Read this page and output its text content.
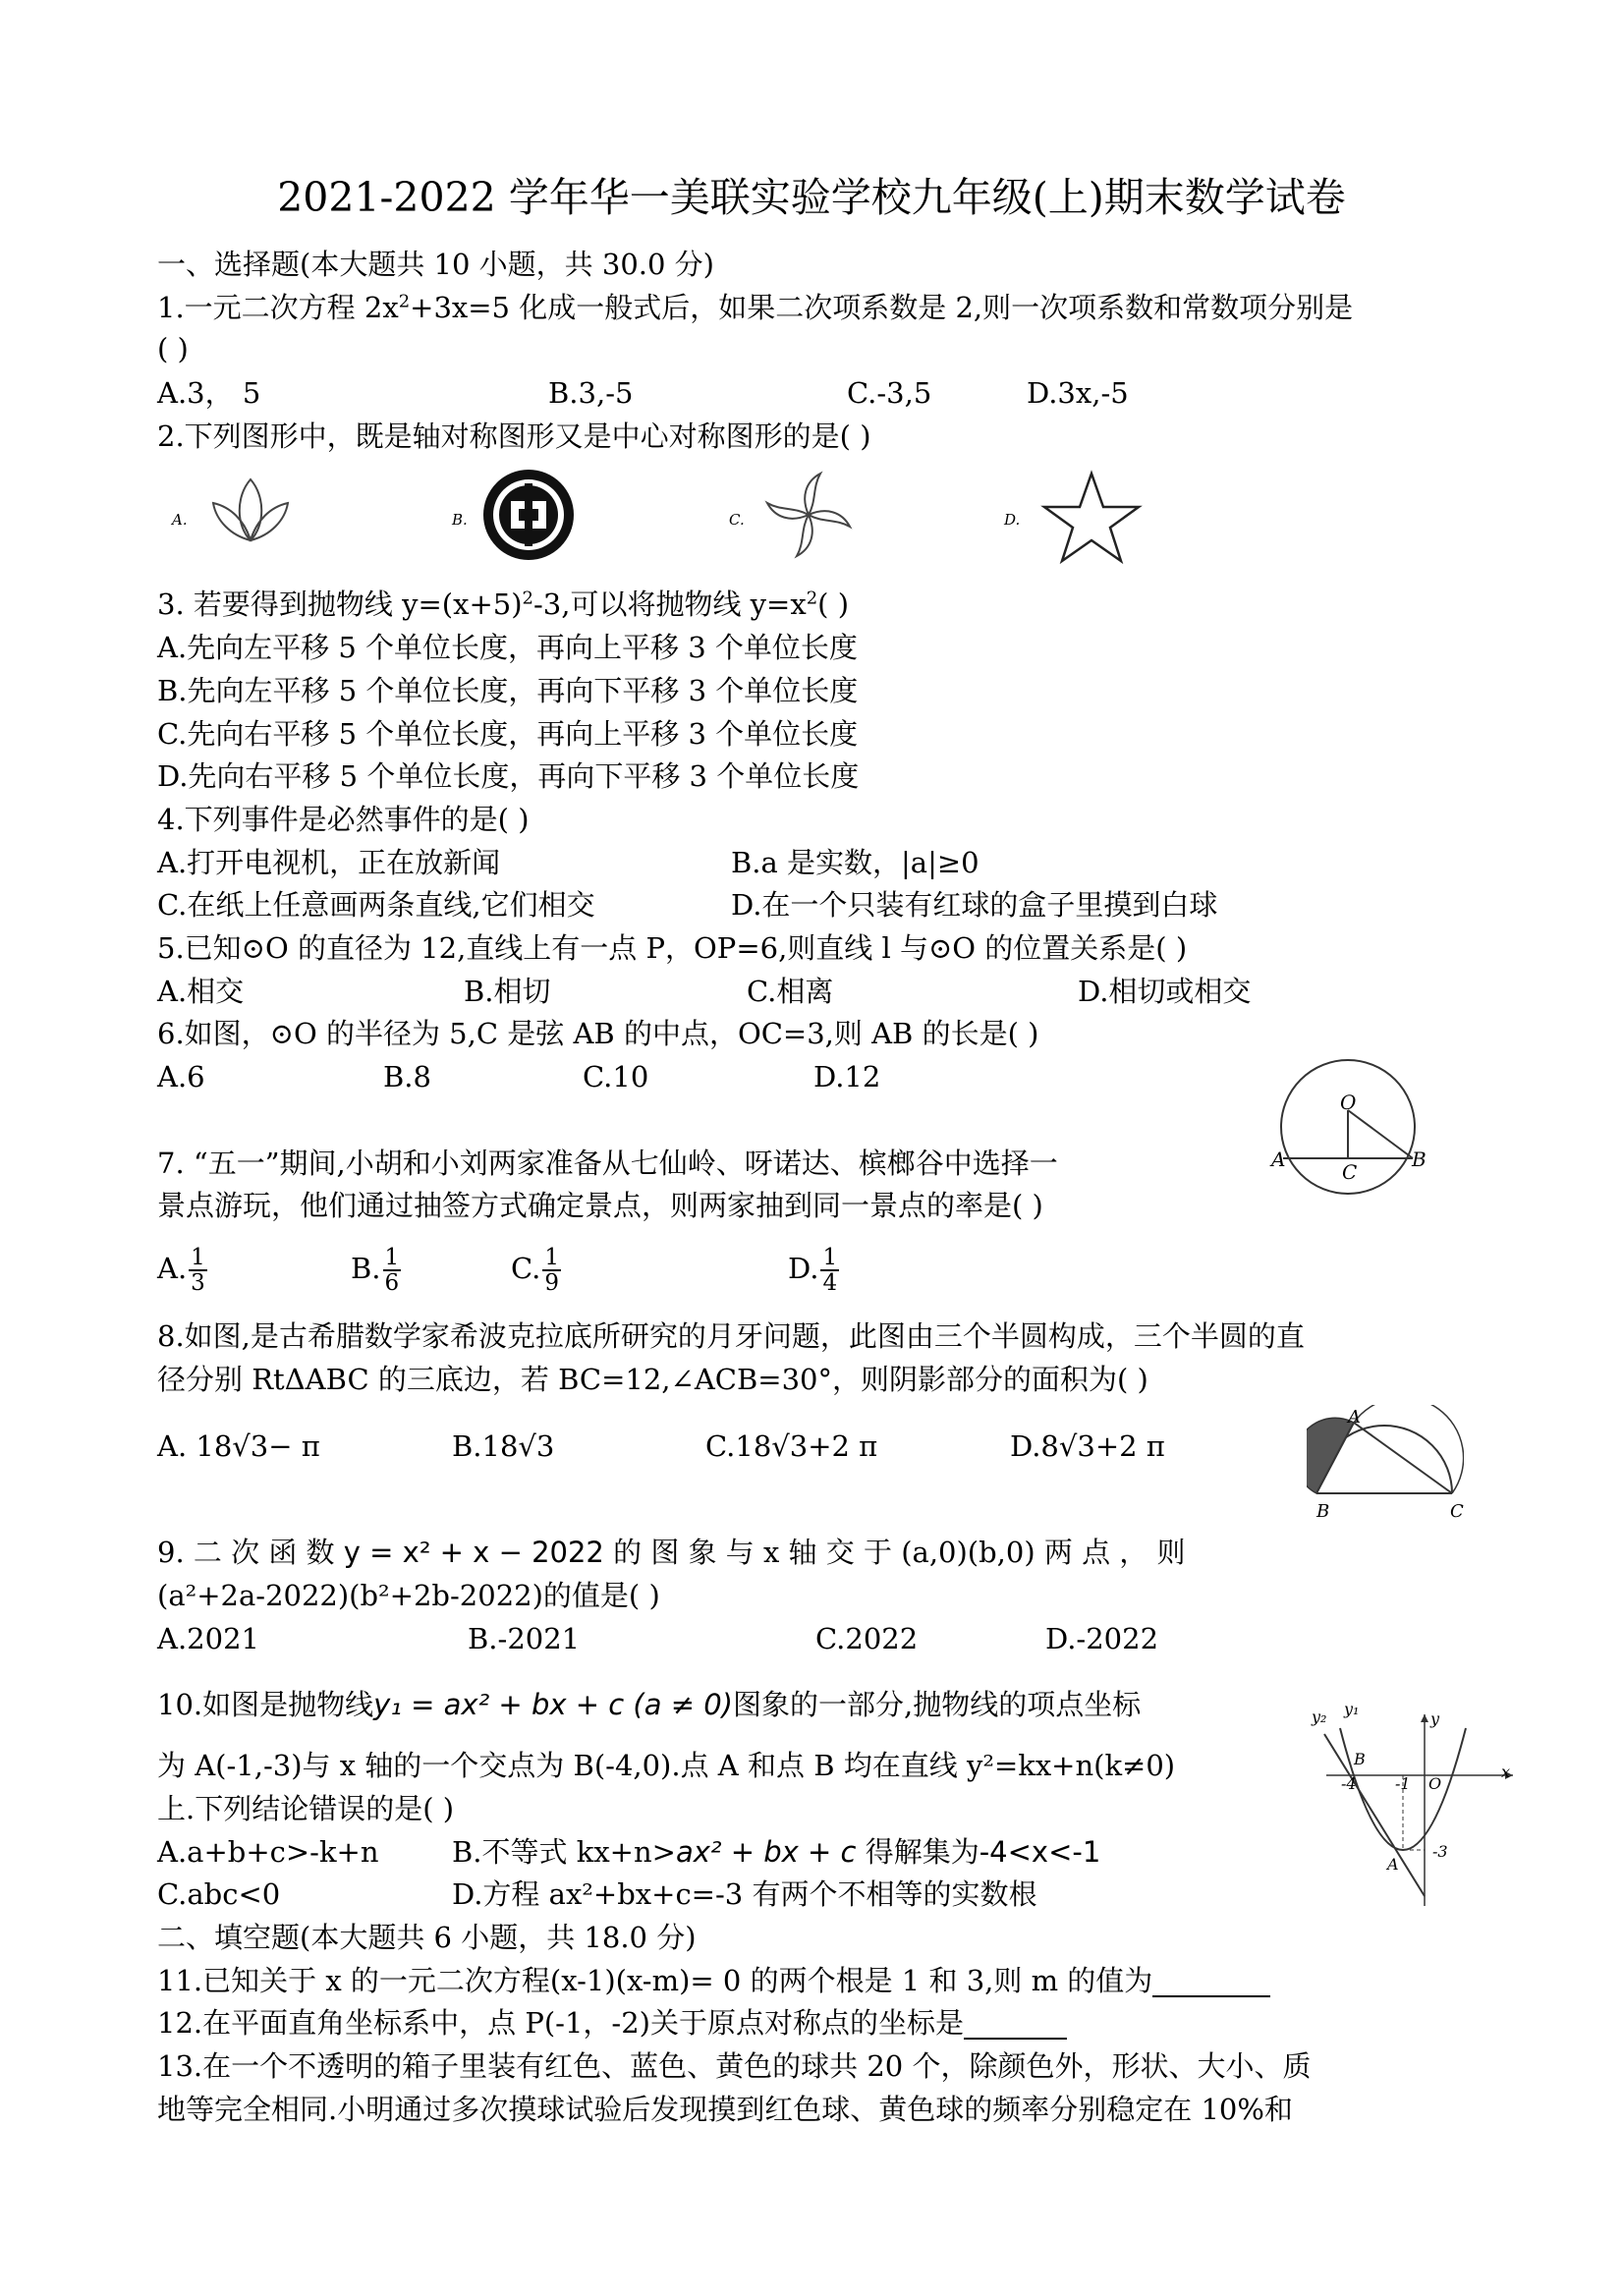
2021-2022 学年华一美联实验学校九年级(上)期末数学试卷
一、选择题(本大题共 10 小题，共 30.0 分)
1.一元二次方程 $2x^2+3x=5$ 化成一般式后，如果二次项系数是 2,则一次项系数和常数项分别是
( )
A.3， 5	B.3,-5	C.-3,5	D.3x,-5
2.下列图形中，既是轴对称图形又是中心对称图形的是( )
A.	B.	C.	D.
3. 若要得到抛物线 $y=(x+5)^2-3$,可以将抛物线 $y=x^2$( )
A.先向左平移 5 个单位长度，再向上平移 3 个单位长度
B.先向左平移 5 个单位长度，再向下平移 3 个单位长度
C.先向右平移 5 个单位长度，再向上平移 3 个单位长度
D.先向右平移 5 个单位长度，再向下平移 3 个单位长度
4.下列事件是必然事件的是( )
A.打开电视机，正在放新闻	B.a 是实数，|a|≥0
C.在纸上任意画两条直线,它们相交	D.在一个只装有红球的盒子里摸到白球
5.已知⊙O 的直径为 12,直线上有一点 P，OP=6,则直线 l 与⊙O 的位置关系是( )
A.相交	B.相切	C.相离	D.相切或相交
6.如图，⊙O 的半径为 5,C 是弦 AB 的中点，OC=3,则 AB 的长是( )
A.6	B.8	C.10	D.12
O
A	B
C
7. “五一”期间,小胡和小刘两家准备从七仙岭、呀诺达、槟榔谷中选择一
景点游玩，他们通过抽签方式确定景点，则两家抽到同一景点的率是( )
A. $\frac{1}{3}$	B. $\frac{1}{6}$	C. $\frac{1}{9}$	D. $\frac{1}{4}$
8.如图,是古希腊数学家希波克拉底所研究的月牙问题，此图由三个半圆构成，三个半圆的直
径分别 RtΔABC 的三底边，若 BC=12,∠ACB=30°，则阴影部分的面积为( )
A. 18√3− π	B.18√3	C.18√3+2 π	D.8√3+2 π
A
B	C
9. 二 次 函 数 y = x² + x − 2022 的 图 象 与 x 轴 交 于 (a,0)(b,0) 两 点 ， 则
(a²+2a-2022)(b²+2b-2022)的值是( )
A.2021	B.-2021	C.2022	D.-2022
10.如图是抛物线y₁ = ax² + bx + c (a ≠ 0)图象的一部分,抛物线的项点坐标
为 A(-1,-3)与 x 轴的一个交点为 B(-4,0).点 A 和点 B 均在直线 y²=kx+n(k≠0)
上.下列结论错误的是( )
A.a+b+c>-k+n	B.不等式 kx+n>ax² + bx + c 得解集为-4<x<-1
C.abc<0	D.方程 ax²+bx+c=-3 有两个不相等的实数根
y₂ y₁
y
x
B
O
A
-4 -1
-3
二、填空题(本大题共 6 小题，共 18.0 分)
11.已知关于 x 的一元二次方程(x-1)(x-m)= 0 的两个根是 1 和 3,则 m 的值为
12.在平面直角坐标系中，点 P(-1，-2)关于原点对称点的坐标是
13.在一个不透明的箱子里装有红色、蓝色、黄色的球共 20 个，除颜色外，形状、大小、质
地等完全相同.小明通过多次摸球试验后发现摸到红色球、黄色球的频率分别稳定在 10%和
